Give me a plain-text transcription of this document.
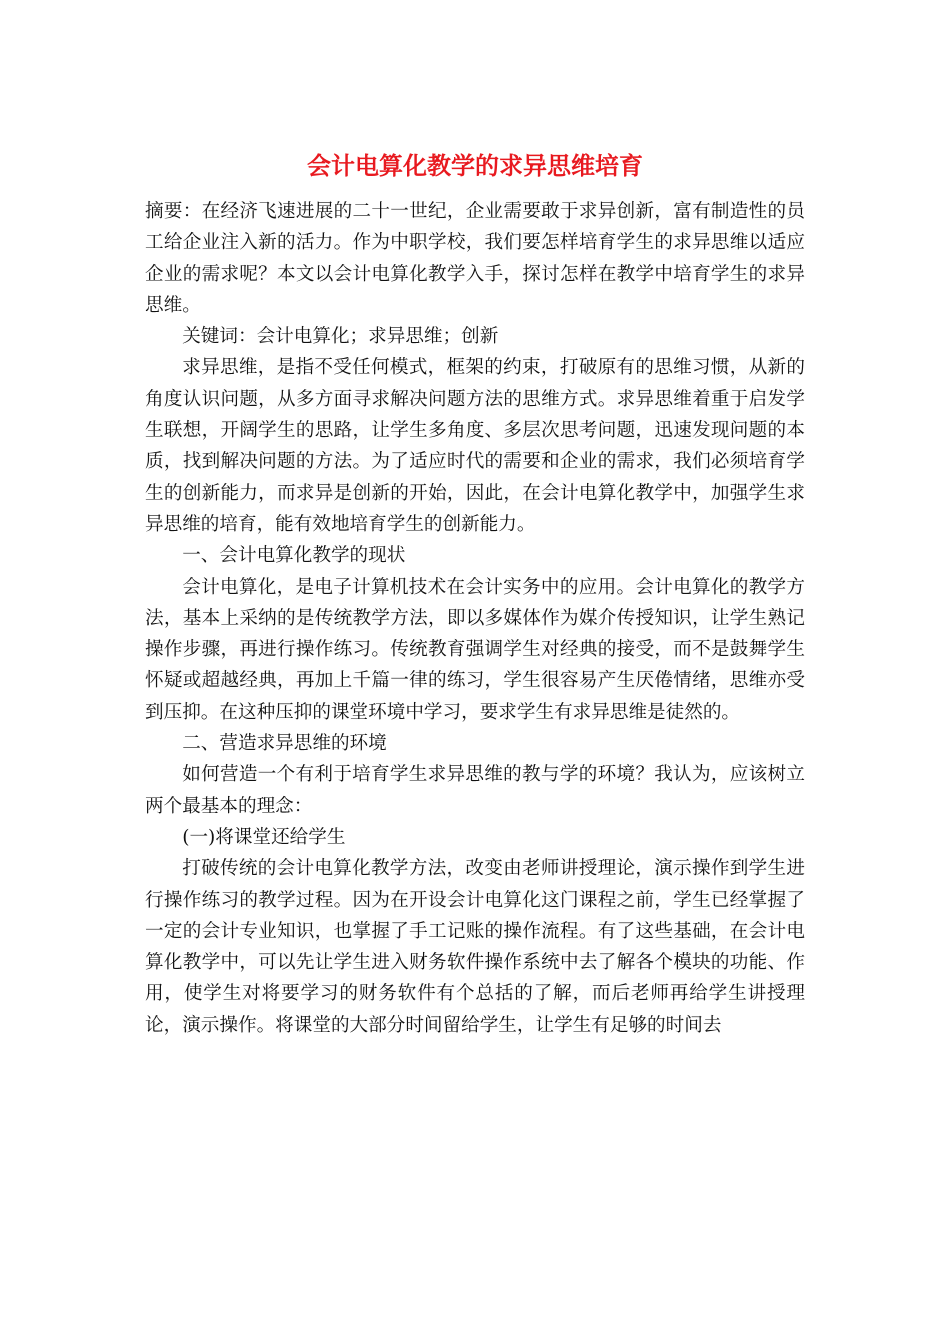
会计电算化教学的求异思维培育

摘要：在经济飞速进展的二十一世纪，企业需要敢于求异创新，富有制造性的员工给企业注入新的活力。作为中职学校，我们要怎样培育学生的求异思维以适应企业的需求呢？本文以会计电算化教学入手，探讨怎样在教学中培育学生的求异思维。

关键词：会计电算化；求异思维；创新

求异思维，是指不受任何模式，框架的约束，打破原有的思维习惯，从新的角度认识问题，从多方面寻求解决问题方法的思维方式。求异思维着重于启发学生联想，开阔学生的思路，让学生多角度、多层次思考问题，迅速发现问题的本质，找到解决问题的方法。为了适应时代的需要和企业的需求，我们必须培育学生的创新能力，而求异是创新的开始，因此，在会计电算化教学中，加强学生求异思维的培育，能有效地培育学生的创新能力。

一、会计电算化教学的现状

会计电算化，是电子计算机技术在会计实务中的应用。会计电算化的教学方法，基本上采纳的是传统教学方法，即以多媒体作为媒介传授知识，让学生熟记操作步骤，再进行操作练习。传统教育强调学生对经典的接受，而不是鼓舞学生怀疑或超越经典，再加上千篇一律的练习，学生很容易产生厌倦情绪，思维亦受到压抑。在这种压抑的课堂环境中学习，要求学生有求异思维是徒然的。

二、营造求异思维的环境

如何营造一个有利于培育学生求异思维的教与学的环境？我认为，应该树立两个最基本的理念：

(一)将课堂还给学生

打破传统的会计电算化教学方法，改变由老师讲授理论，演示操作到学生进行操作练习的教学过程。因为在开设会计电算化这门课程之前，学生已经掌握了一定的会计专业知识，也掌握了手工记账的操作流程。有了这些基础，在会计电算化教学中，可以先让学生进入财务软件操作系统中去了解各个模块的功能、作用，使学生对将要学习的财务软件有个总括的了解，而后老师再给学生讲授理论，演示操作。将课堂的大部分时间留给学生，让学生有足够的时间去
